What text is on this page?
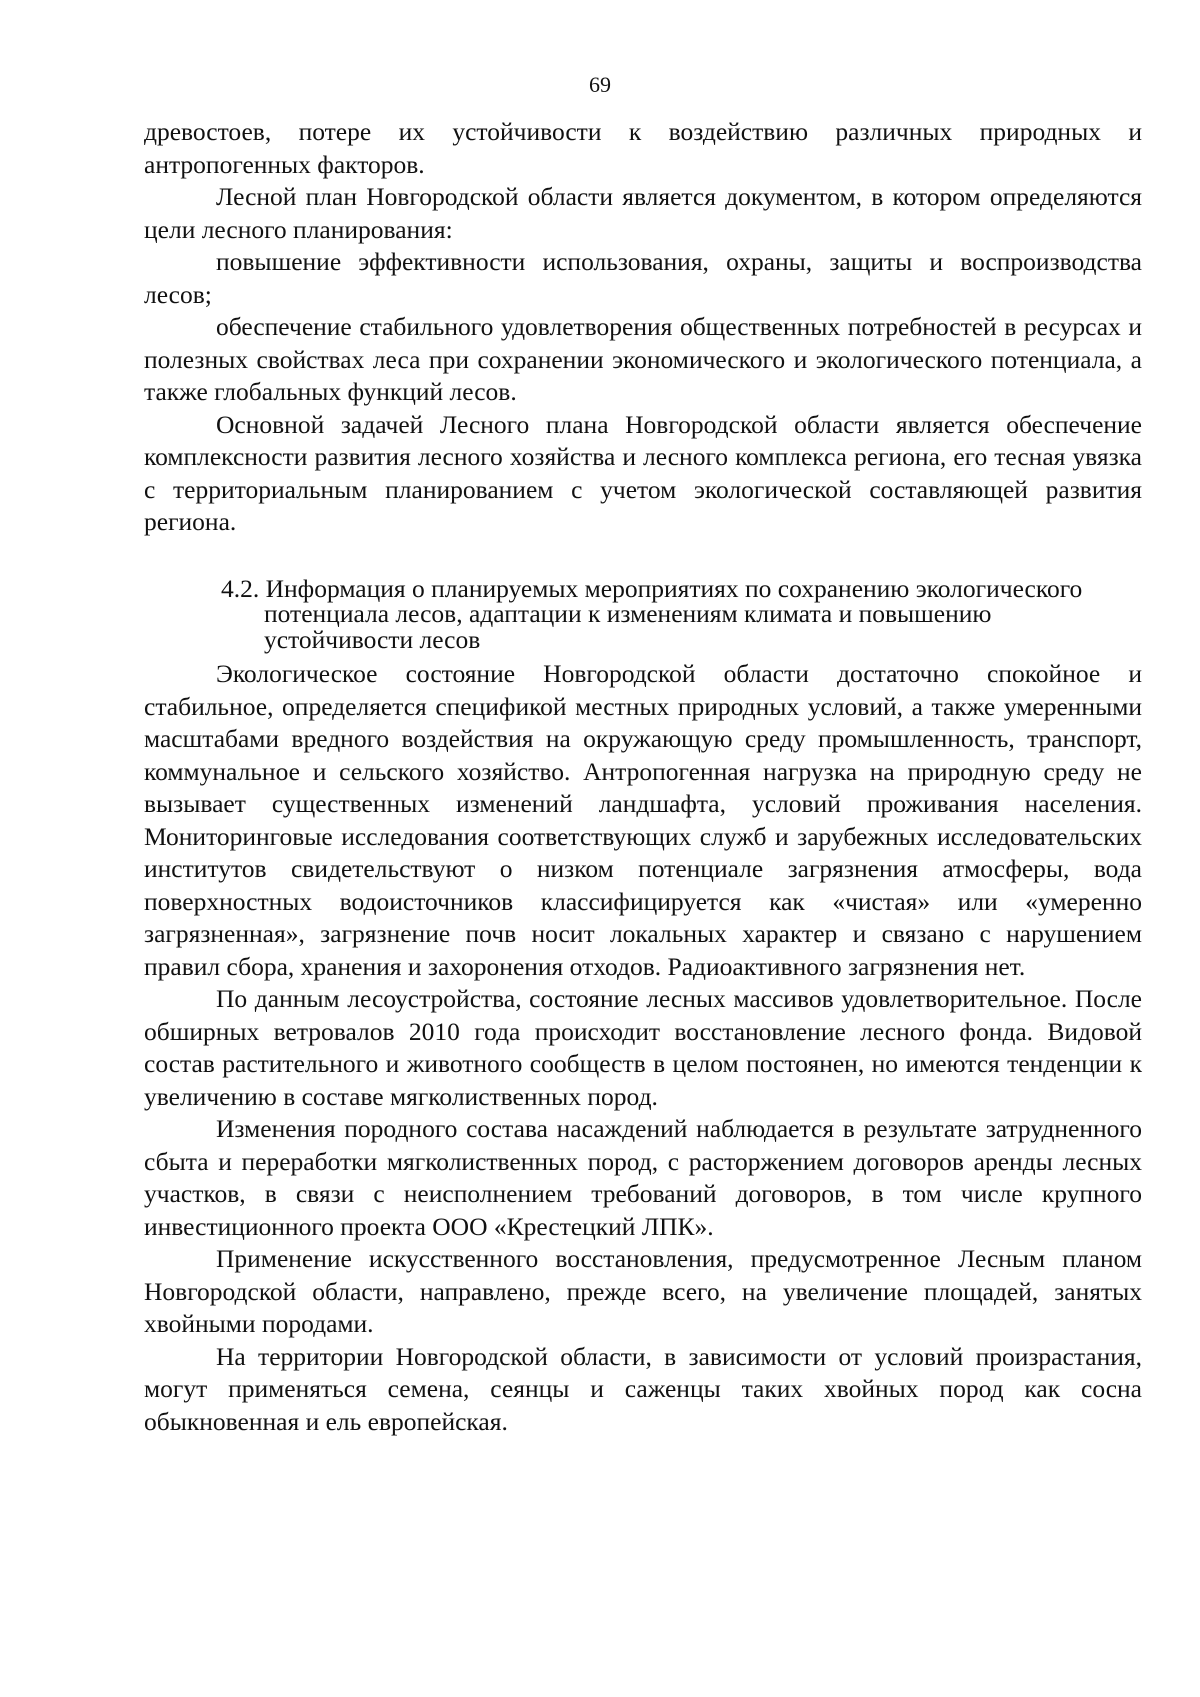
69

древостоев, потере их устойчивости к воздействию различных природных и антропогенных факторов.

Лесной план Новгородской области является документом, в котором определяются цели лесного планирования:

повышение эффективности использования, охраны, защиты и воспроизводства лесов;

обеспечение стабильного удовлетворения общественных потребностей в ресурсах и полезных свойствах леса при сохранении экономического и экологического потенциала, а также глобальных функций лесов.

Основной задачей Лесного плана Новгородской области является обеспечение комплексности развития лесного хозяйства и лесного комплекса региона, его тесная увязка с территориальным планированием с учетом экологической составляющей развития региона.

4.2. Информация о планируемых мероприятиях по сохранению экологического потенциала лесов, адаптации к изменениям климата и повышению устойчивости лесов

Экологическое состояние Новгородской области достаточно спокойное и стабильное, определяется спецификой местных природных условий, а также умеренными масштабами вредного воздействия на окружающую среду промышленность, транспорт, коммунальное и сельского хозяйство. Антропогенная нагрузка на природную среду не вызывает существенных изменений ландшафта, условий проживания населения. Мониторинговые исследования соответствующих служб и зарубежных исследовательских институтов свидетельствуют о низком потенциале загрязнения атмосферы, вода поверхностных водоисточников классифицируется как «чистая» или «умеренно загрязненная», загрязнение почв носит локальных характер и связано с нарушением правил сбора, хранения и захоронения отходов. Радиоактивного загрязнения нет.

По данным лесоустройства, состояние лесных массивов удовлетворительное. После обширных ветровалов 2010 года происходит восстановление лесного фонда. Видовой состав растительного и животного сообществ в целом постоянен, но имеются тенденции к увеличению в составе мягколиственных пород.

Изменения породного состава насаждений наблюдается в результате затрудненного сбыта и переработки мягколиственных пород, с расторжением договоров аренды лесных участков, в связи с неисполнением требований договоров, в том числе крупного инвестиционного проекта ООО «Крестецкий ЛПК».

Применение искусственного восстановления, предусмотренное Лесным планом Новгородской области, направлено, прежде всего, на увеличение площадей, занятых хвойными породами.

На территории Новгородской области, в зависимости от условий произрастания, могут применяться семена, сеянцы и саженцы таких хвойных пород как сосна обыкновенная и ель европейская.
